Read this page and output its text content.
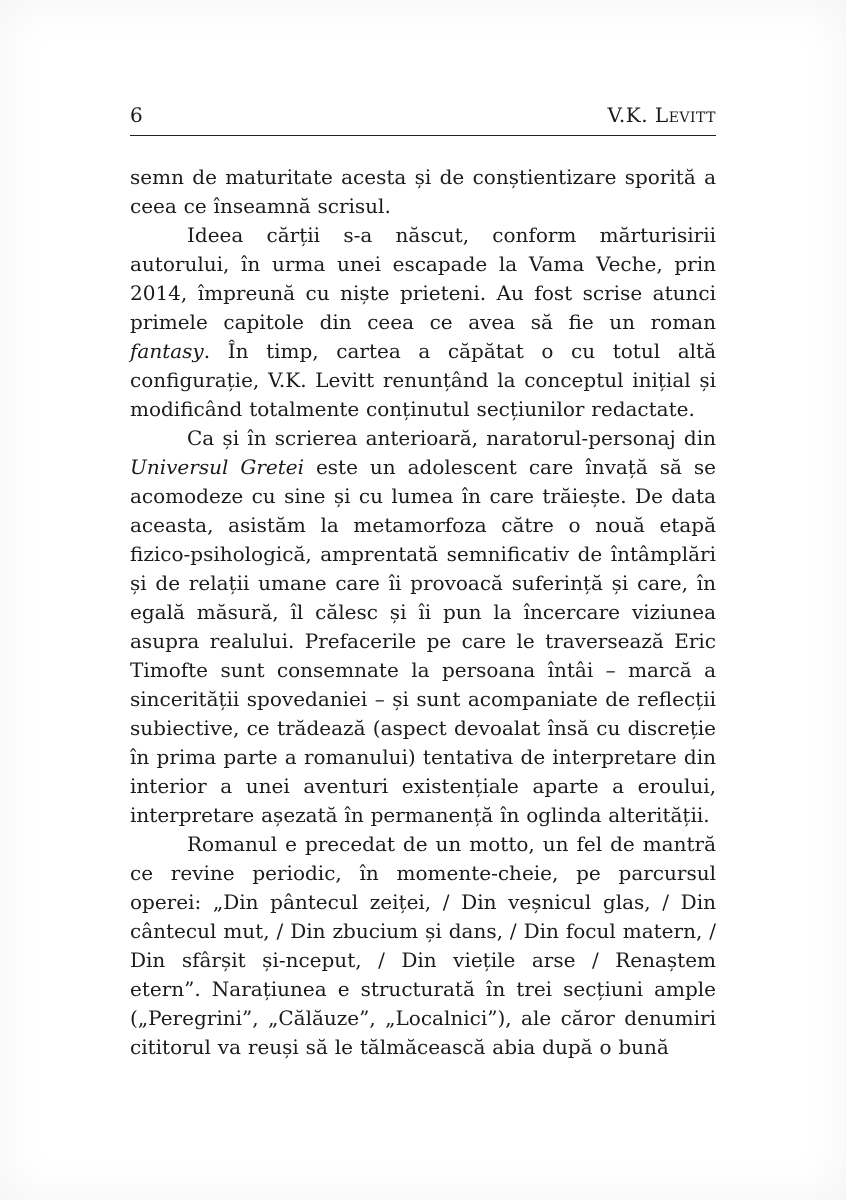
6	V.K. Levitt

semn de maturitate acesta și de conștientizare sporită a ceea ce înseamnă scrisul.

Ideea cărții s-a născut, conform mărturisirii autorului, în urma unei escapade la Vama Veche, prin 2014, împreună cu niște prieteni. Au fost scrise atunci primele capitole din ceea ce avea să fie un roman fantasy. În timp, cartea a căpătat o cu totul altă configurație, V.K. Levitt renunțând la conceptul inițial și modificând totalmente conținutul secțiunilor redactate.

Ca și în scrierea anterioară, naratorul-personaj din Universul Gretei este un adolescent care învață să se acomodeze cu sine și cu lumea în care trăiește. De data aceasta, asistăm la metamorfoza către o nouă etapă fizico-psihologică, amprentată semnificativ de întâmplări și de relații umane care îi provoacă suferință și care, în egală măsură, îl călesc și îi pun la încercare viziunea asupra realului. Prefacerile pe care le traversează Eric Timofte sunt consemnate la persoana întâi – marcă a sincerității spovedaniei – și sunt acompaniate de reflecții subiective, ce trădează (aspect devoalat însă cu discreție în prima parte a romanului) tentativa de interpretare din interior a unei aventuri existențiale aparte a eroului, interpretare așezată în permanență în oglinda alterității.

Romanul e precedat de un motto, un fel de mantră ce revine periodic, în momente-cheie, pe parcursul operei: „Din pântecul zeiței, / Din veșnicul glas, / Din cântecul mut, / Din zbucium și dans, / Din focul matern, / Din sfârșit și-nceput, / Din viețile arse / Renaștem etern”. Narațiunea e structurată în trei secțiuni ample („Peregrini”, „Călăuze”, „Localnici”), ale căror denumiri cititorul va reuși să le tălmăcească abia după o bună
